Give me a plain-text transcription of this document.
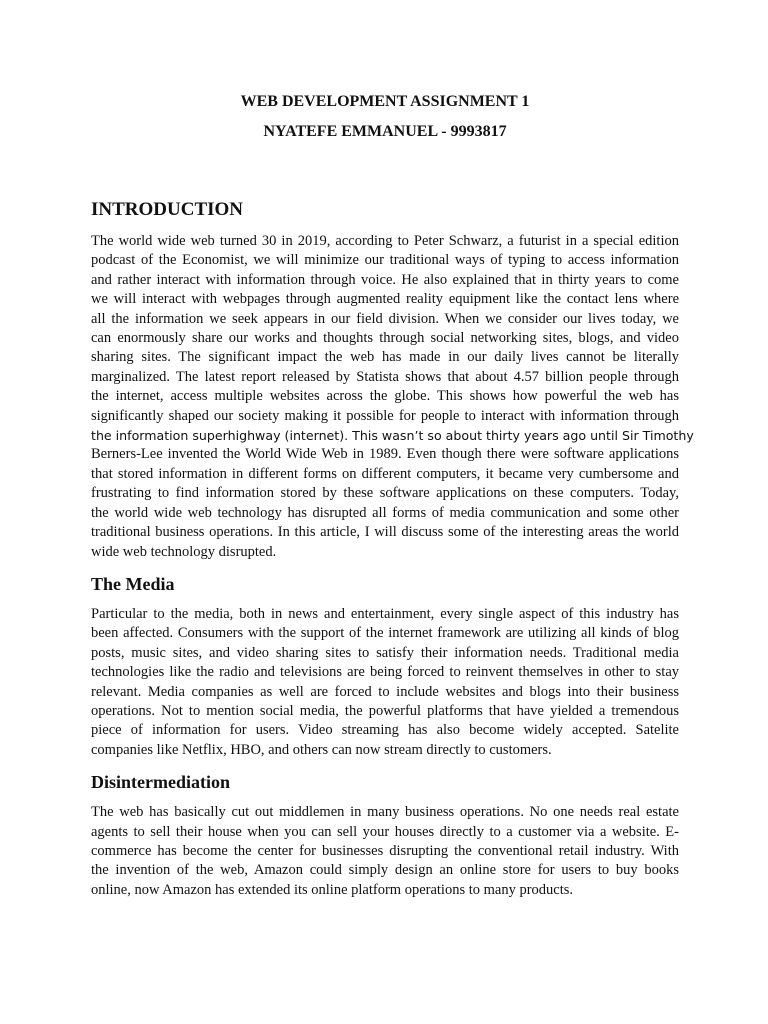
WEB DEVELOPMENT ASSIGNMENT 1
NYATEFE EMMANUEL - 9993817
INTRODUCTION

The world wide web turned 30 in 2019, according to Peter Schwarz, a futurist in a special edition
podcast of the Economist, we will minimize our traditional ways of typing to access information
and rather interact with information through voice. He also explained that in thirty years to come
we will interact with webpages through augmented reality equipment like the contact lens where
all the information we seek appears in our field division. When we consider our lives today, we
can enormously share our works and thoughts through social networking sites, blogs, and video
sharing sites. The significant impact the web has made in our daily lives cannot be literally
marginalized. The latest report released by Statista shows that about 4.57 billion people through
the internet, access multiple websites across the globe. This shows how powerful the web has
significantly shaped our society making it possible for people to interact with information through
the information superhighway (internet). This wasn’t so about thirty years ago until Sir Timothy
Berners-Lee invented the World Wide Web in 1989. Even though there were software applications
that stored information in different forms on different computers, it became very cumbersome and
frustrating to find information stored by these software applications on these computers. Today,
the world wide web technology has disrupted all forms of media communication and some other
traditional business operations. In this article, I will discuss some of the interesting areas the world
wide web technology disrupted.

The Media

Particular to the media, both in news and entertainment, every single aspect of this industry has
been affected. Consumers with the support of the internet framework are utilizing all kinds of blog
posts, music sites, and video sharing sites to satisfy their information needs. Traditional media
technologies like the radio and televisions are being forced to reinvent themselves in other to stay
relevant. Media companies as well are forced to include websites and blogs into their business
operations. Not to mention social media, the powerful platforms that have yielded a tremendous
piece of information for users. Video streaming has also become widely accepted. Satelite
companies like Netflix, HBO, and others can now stream directly to customers.

Disintermediation

The web has basically cut out middlemen in many business operations. No one needs real estate
agents to sell their house when you can sell your houses directly to a customer via a website. E-
commerce has become the center for businesses disrupting the conventional retail industry. With
the invention of the web, Amazon could simply design an online store for users to buy books
online, now Amazon has extended its online platform operations to many products.
